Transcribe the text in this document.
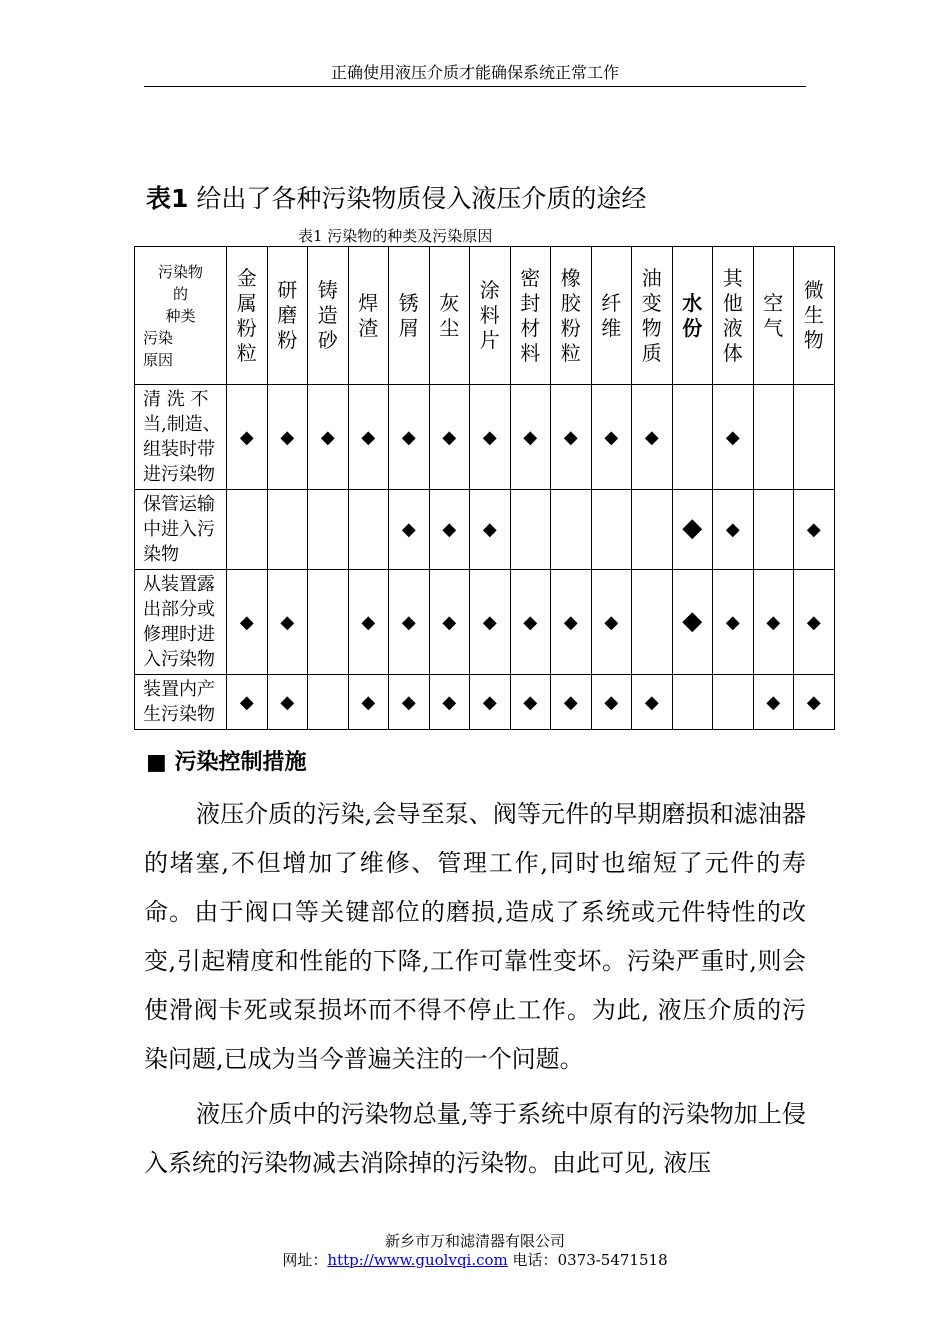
正确使用液压介质才能确保系统正常工作
表1 给出了各种污染物质侵入液压介质的途经
表1 污染物的种类及污染原因
污染物
的
种类
污染
原因	金属粉粒	研磨粉	铸造砂	焊 渣	锈 屑	灰 尘	涂料片	密封材料	橡胶粉粒	纤 维	油变物质	水 份	其他液体	空 气	微生物
清 洗 不当,制造、组装时带进污染物	◆	◆	◆	◆	◆	◆	◆	◆	◆	◆	◆		◆		
保管运输中进入污染物					◆	◆	◆					◆	◆		◆
从装置露出部分或修理时进入污染物	◆	◆		◆	◆	◆	◆	◆	◆	◆		◆	◆	◆	◆
装置内产生污染物	◆	◆		◆	◆	◆	◆	◆	◆	◆	◆			◆	◆
■ 污染控制措施

液压介质的污染,会导至泵、阀等元件的早期磨损和滤油器的堵塞,不但增加了维修、管理工作,同时也缩短了元件的寿命。由于阀口等关键部位的磨损,造成了系统或元件特性的改变,引起精度和性能的下降,工作可靠性变坏。污染严重时,则会使滑阀卡死或泵损坏而不得不停止工作。为此, 液压介质的污染问题,已成为当今普遍关注的一个问题。

液压介质中的污染物总量,等于系统中原有的污染物加上侵入系统的污染物减去消除掉的污染物。由此可见, 液压

新乡市万和滤清器有限公司
网址：http://www.guolvqi.com 电话：0373-5471518
